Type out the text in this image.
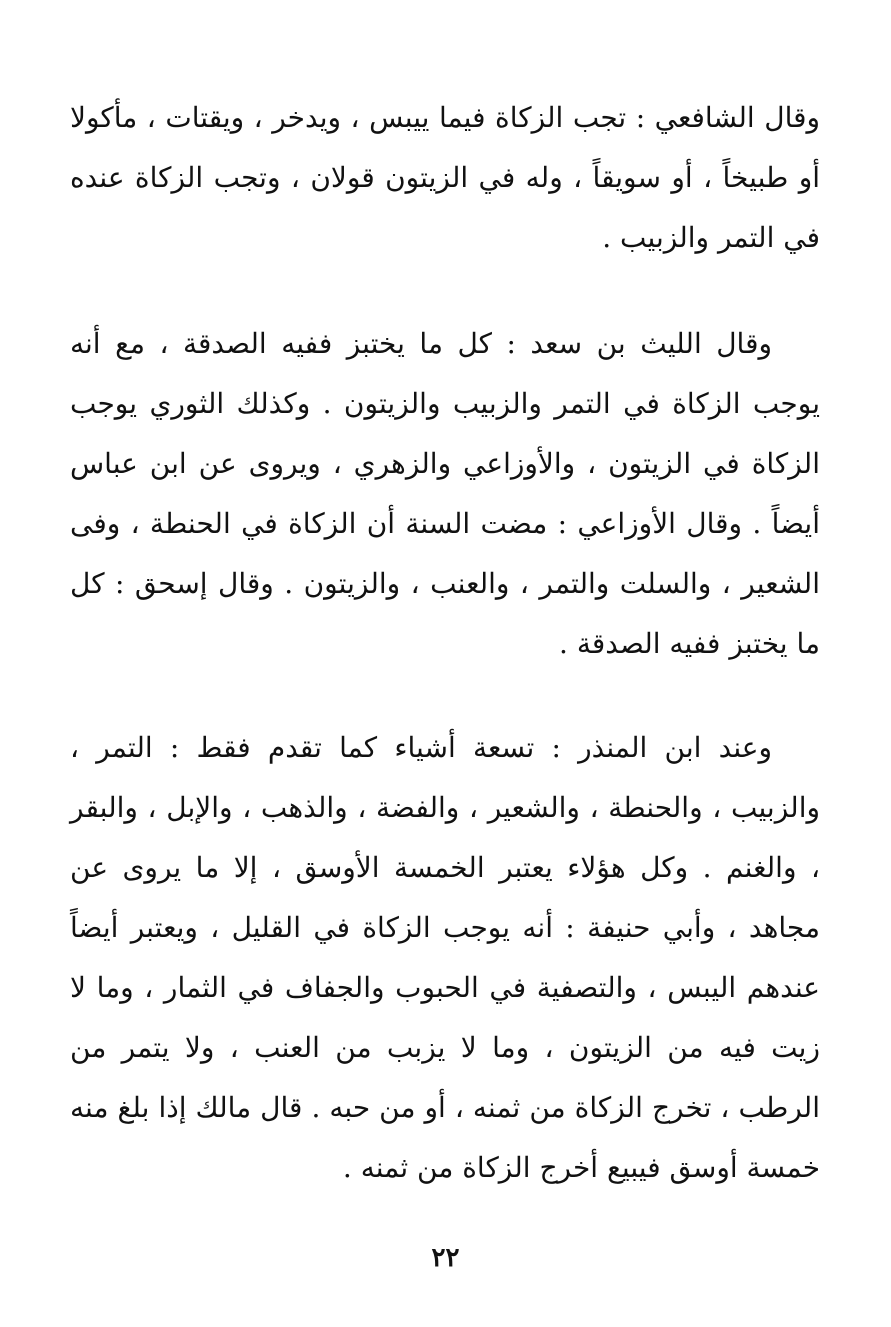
وقال الشافعي : تجب الزكاة فيما ييبس ، ويدخر ، ويقتات ، مأكولا أو طبيخاً ، أو سويقاً ، وله في الزيتون قولان ، وتجب الزكاة عنده في التمر والزبيب .

وقال الليث بن سعد : كل ما يختبز ففيه الصدقة ، مع أنه يوجب الزكاة في التمر والزبيب والزيتون . وكذلك الثوري يوجب الزكاة في الزيتون ، والأوزاعي والزهري ، ويروى عن ابن عباس أيضاً . وقال الأوزاعي : مضت السنة أن الزكاة في الحنطة ، وفى الشعير ، والسلت والتمر ، والعنب ، والزيتون . وقال إسحق : كل ما يختبز ففيه الصدقة .

وعند ابن المنذر : تسعة أشياء كما تقدم فقط : التمر ، والزبيب ، والحنطة ، والشعير ، والفضة ، والذهب ، والإبل ، والبقر ، والغنم . وكل هؤلاء يعتبر الخمسة الأوسق ، إلا ما يروى عن مجاهد ، وأبي حنيفة : أنه يوجب الزكاة في القليل ، ويعتبر أيضاً عندهم اليبس ، والتصفية في الحبوب والجفاف في الثمار ، وما لا زيت فيه من الزيتون ، وما لا يزبب من العنب ، ولا يتمر من الرطب ، تخرج الزكاة من ثمنه ، أو من حبه . قال مالك إذا بلغ منه خمسة أوسق فيبيع أخرج الزكاة من ثمنه .

٢٢
